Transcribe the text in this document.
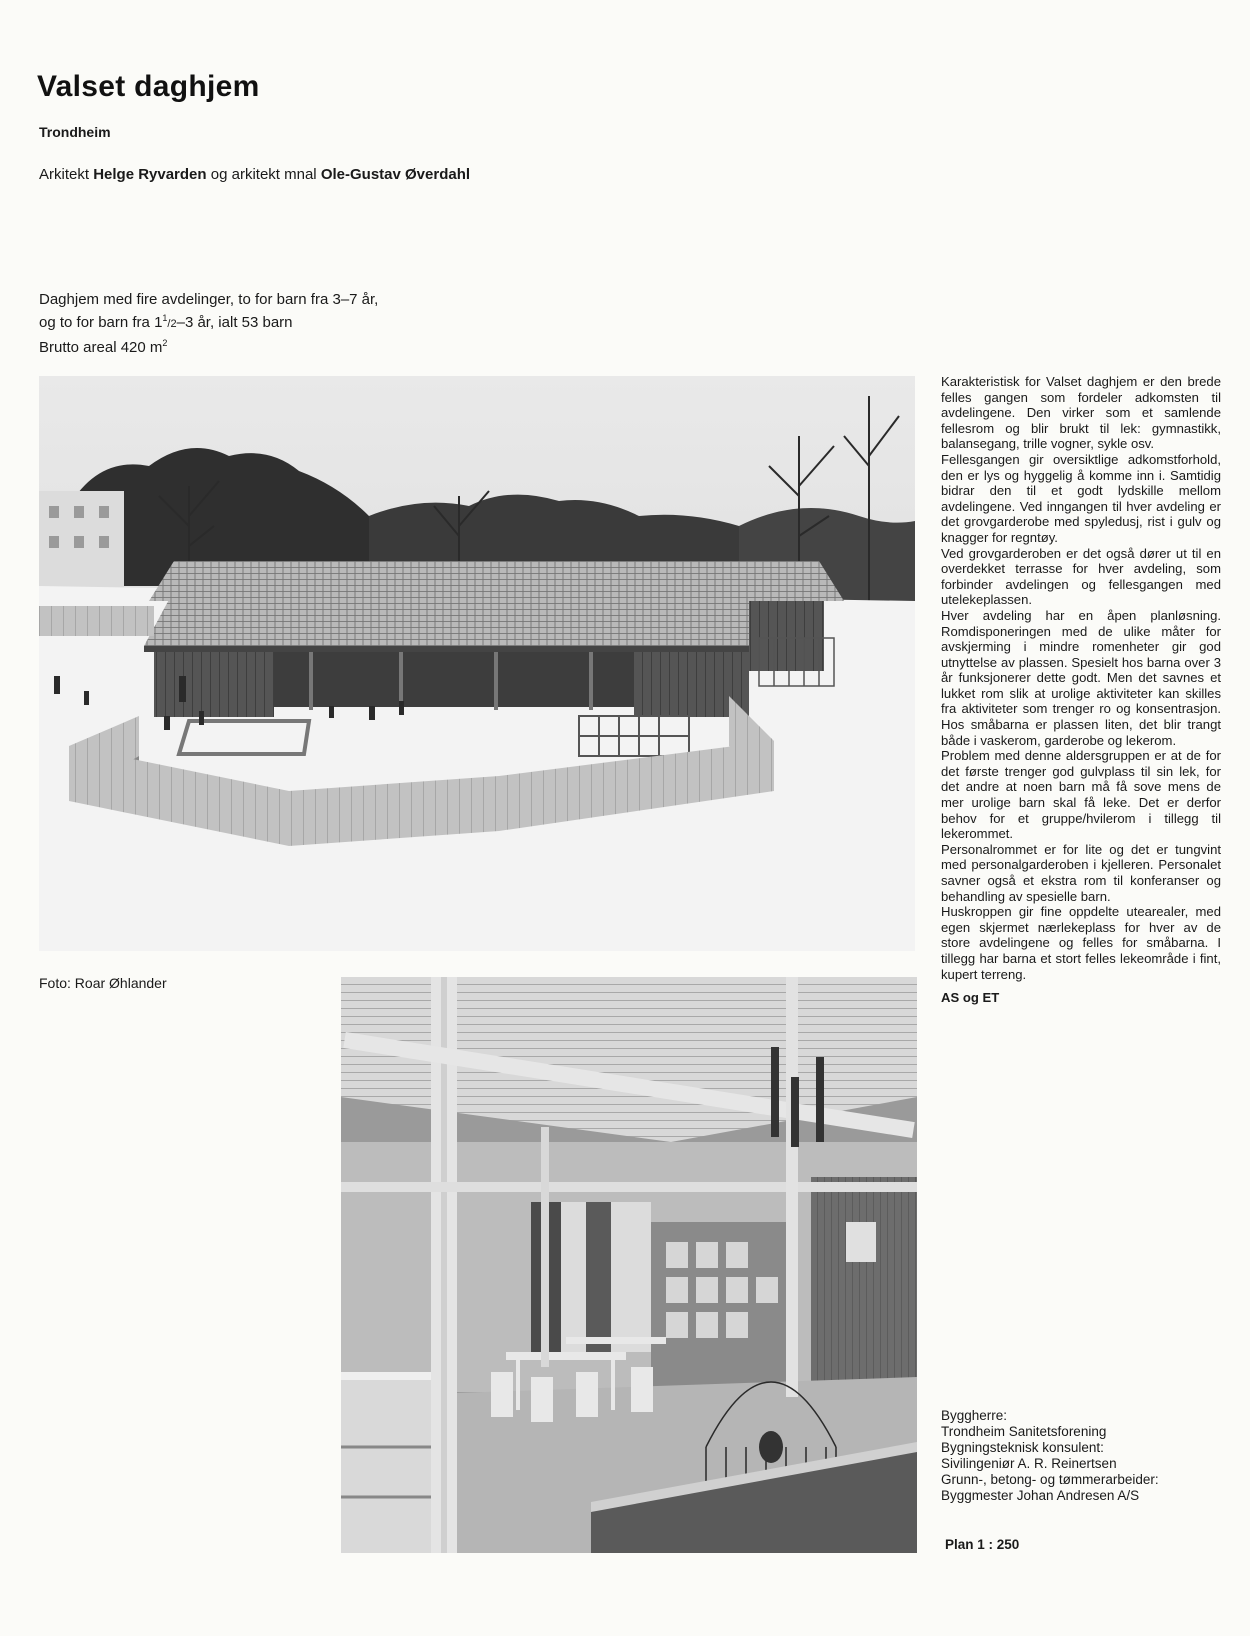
Valset daghjem
Trondheim
Arkitekt Helge Ryvarden og arkitekt mnal Ole-Gustav Øverdahl
Daghjem med fire avdelinger, to for barn fra 3–7 år,
og to for barn fra $1^1/2-3$ år, ialt 53 barn
Brutto areal 420 $m^2$
Foto: Roar Øhlander

Karakteristisk for Valset daghjem er den brede felles gangen som fordeler adkomsten til avdelingene. Den virker som et samlende fellesrom og blir brukt til lek: gymnastikk, balansegang, trille vogner, sykle osv.

Fellesgangen gir oversiktlige adkomstforhold, den er lys og hyggelig å komme inn i. Samtidig bidrar den til et godt lydskille mellom avdelingene. Ved inngangen til hver avdeling er det grovgarderobe med spyledusj, rist i gulv og knagger for regntøy.

Ved grovgarderoben er det også dører ut til en overdekket terrasse for hver avdeling, som forbinder avdelingen og fellesgangen med utelekeplassen.

Hver avdeling har en åpen planløsning. Romdisponeringen med de ulike måter for avskjerming i mindre romenheter gir god utnyttelse av plassen. Spesielt hos barna over 3 år funksjonerer dette godt. Men det savnes et lukket rom slik at urolige aktiviteter kan skilles fra aktiviteter som trenger ro og konsentrasjon. Hos småbarna er plassen liten, det blir trangt både i vaskerom, garderobe og lekerom.

Problem med denne aldersgruppen er at de for det første trenger god gulvplass til sin lek, for det andre at noen barn må få sove mens de mer urolige barn skal få leke. Det er derfor behov for et gruppe/hvilerom i tillegg til lekerommet.

Personalrommet er for lite og det er tungvint med personalgarderoben i kjelleren. Personalet savner også et ekstra rom til konferanser og behandling av spesielle barn.

Huskroppen gir fine oppdelte utearealer, med egen skjermet nærlekeplass for hver av de store avdelingene og felles for småbarna. I tillegg har barna et stort felles lekeområde i fint, kupert terreng.

AS og ET

Byggherre:
Trondheim Sanitetsforening
Bygningsteknisk konsulent:
Sivilingeniør A. R. Reinertsen
Grunn-, betong- og tømmerarbeider:
Byggmester Johan Andresen A/S
Plan 1 : 250
